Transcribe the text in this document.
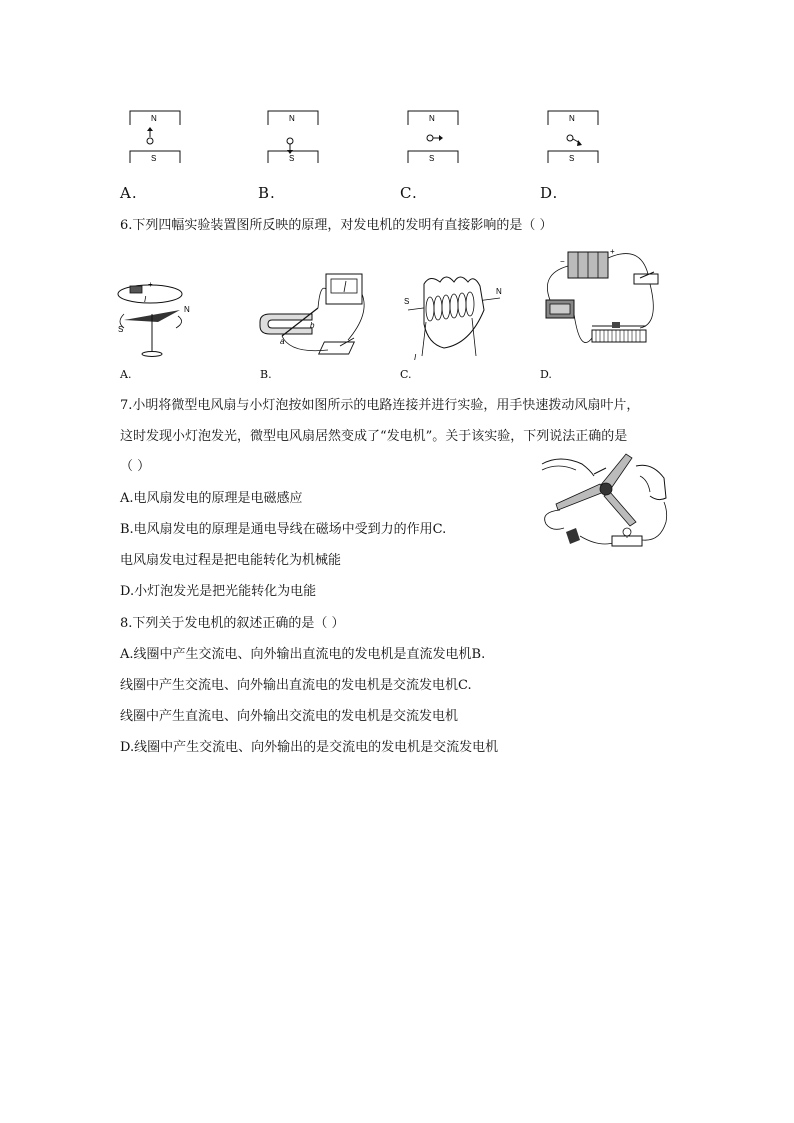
N
S
N
S
N
S
N
S
A.	B.	C.	D.
6.下列四幅实验装置图所反映的原理，对发电机的发明有直接影响的是（ ）
+
I
N
S
a
b
S
N
I
−
+
A.	B.	C.	D.
7.小明将微型电风扇与小灯泡按如图所示的电路连接并进行实验，用手快速拨动风扇叶片，
这时发现小灯泡发光，微型电风扇居然变成了“发电机”。关于该实验，下列说法正确的是
（ ）
A.电风扇发电的原理是电磁感应
B.电风扇发电的原理是通电导线在磁场中受到力的作用C.
电风扇发电过程是把电能转化为机械能
D.小灯泡发光是把光能转化为电能
8.下列关于发电机的叙述正确的是（ ）
A.线圈中产生交流电、向外输出直流电的发电机是直流发电机B.
线圈中产生交流电、向外输出直流电的发电机是交流发电机C.
线圈中产生直流电、向外输出交流电的发电机是交流发电机
D.线圈中产生交流电、向外输出的是交流电的发电机是交流发电机
